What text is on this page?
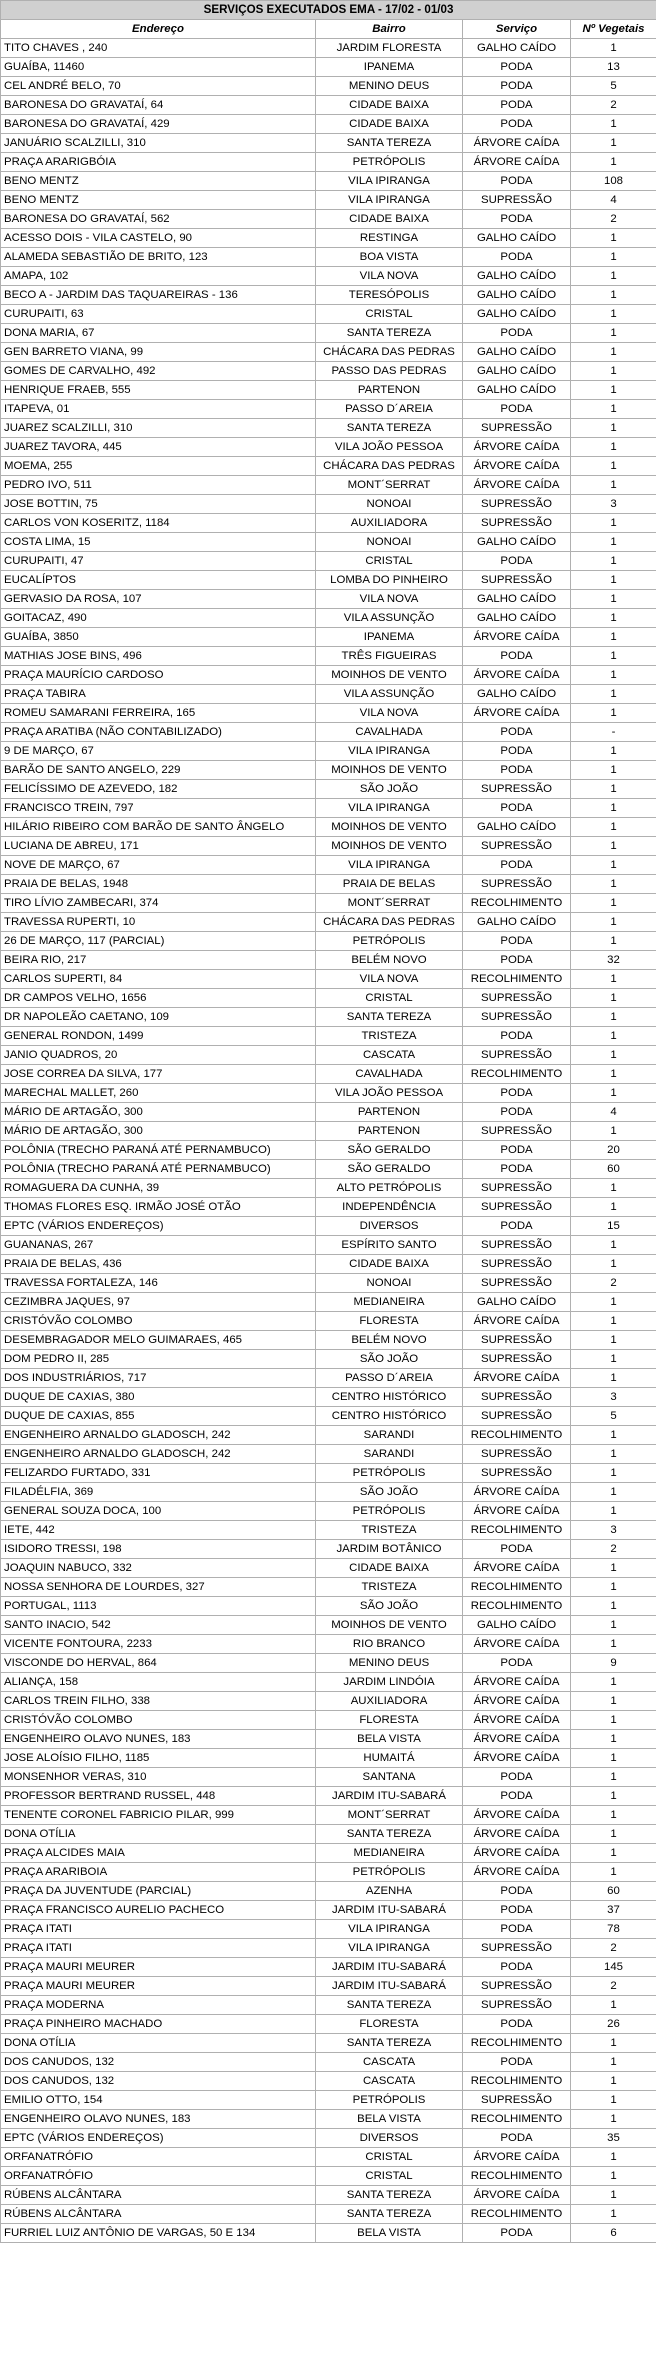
SERVIÇOS EXECUTADOS EMA - 17/02 - 01/03			
Endereço	Bairro	Serviço	Nº Vegetais
TITO CHAVES , 240	JARDIM FLORESTA	GALHO CAÍDO	1
GUAÍBA, 11460	IPANEMA	PODA	13
CEL ANDRÉ BELO, 70	MENINO DEUS	PODA	5
BARONESA DO GRAVATAÍ, 64	CIDADE BAIXA	PODA	2
BARONESA DO GRAVATAÍ, 429	CIDADE BAIXA	PODA	1
JANUÁRIO SCALZILLI, 310	SANTA TEREZA	ÁRVORE CAÍDA	1
PRAÇA ARARIGBÓIA	PETRÓPOLIS	ÁRVORE CAÍDA	1
BENO MENTZ	VILA IPIRANGA	PODA	108
BENO MENTZ	VILA IPIRANGA	SUPRESSÃO	4
BARONESA DO GRAVATAÍ, 562	CIDADE BAIXA	PODA	2
ACESSO DOIS - VILA CASTELO, 90	RESTINGA	GALHO CAÍDO	1
ALAMEDA SEBASTIÃO DE BRITO, 123	BOA VISTA	PODA	1
AMAPA, 102	VILA NOVA	GALHO CAÍDO	1
BECO A - JARDIM DAS TAQUAREIRAS - 136	TERESÓPOLIS	GALHO CAÍDO	1
CURUPAITI, 63	CRISTAL	GALHO CAÍDO	1
DONA MARIA, 67	SANTA TEREZA	PODA	1
GEN BARRETO VIANA, 99	CHÁCARA DAS PEDRAS	GALHO CAÍDO	1
GOMES DE CARVALHO, 492	PASSO DAS PEDRAS	GALHO CAÍDO	1
HENRIQUE FRAEB, 555	PARTENON	GALHO CAÍDO	1
ITAPEVA, 01	PASSO D´AREIA	PODA	1
JUAREZ SCALZILLI, 310	SANTA TEREZA	SUPRESSÃO	1
JUAREZ TAVORA, 445	VILA JOÃO PESSOA	ÁRVORE CAÍDA	1
MOEMA, 255	CHÁCARA DAS PEDRAS	ÁRVORE CAÍDA	1
PEDRO IVO, 511	MONT´SERRAT	ÁRVORE CAÍDA	1
JOSE BOTTIN, 75	NONOAI	SUPRESSÃO	3
CARLOS VON KOSERITZ, 1184	AUXILIADORA	SUPRESSÃO	1
COSTA LIMA, 15	NONOAI	GALHO CAÍDO	1
CURUPAITI, 47	CRISTAL	PODA	1
EUCALÍPTOS	LOMBA DO PINHEIRO	SUPRESSÃO	1
GERVASIO DA ROSA, 107	VILA NOVA	GALHO CAÍDO	1
GOITACAZ, 490	VILA ASSUNÇÃO	GALHO CAÍDO	1
GUAÍBA, 3850	IPANEMA	ÁRVORE CAÍDA	1
MATHIAS JOSE BINS, 496	TRÊS FIGUEIRAS	PODA	1
PRAÇA MAURÍCIO CARDOSO	MOINHOS DE VENTO	ÁRVORE CAÍDA	1
PRAÇA TABIRA	VILA ASSUNÇÃO	GALHO CAÍDO	1
ROMEU SAMARANI FERREIRA, 165	VILA NOVA	ÁRVORE CAÍDA	1
PRAÇA ARATIBA (NÃO CONTABILIZADO)	CAVALHADA	PODA	-
9 DE MARÇO, 67	VILA IPIRANGA	PODA	1
BARÃO DE SANTO ANGELO, 229	MOINHOS DE VENTO	PODA	1
FELICÍSSIMO DE AZEVEDO, 182	SÃO JOÃO	SUPRESSÃO	1
FRANCISCO TREIN, 797	VILA IPIRANGA	PODA	1
HILÁRIO RIBEIRO COM BARÃO DE SANTO ÂNGELO	MOINHOS DE VENTO	GALHO CAÍDO	1
LUCIANA DE ABREU, 171	MOINHOS DE VENTO	SUPRESSÃO	1
NOVE DE MARÇO, 67	VILA IPIRANGA	PODA	1
PRAIA DE BELAS, 1948	PRAIA DE BELAS	SUPRESSÃO	1
TIRO LÍVIO ZAMBECARI, 374	MONT´SERRAT	RECOLHIMENTO	1
TRAVESSA RUPERTI, 10	CHÁCARA DAS PEDRAS	GALHO CAÍDO	1
26 DE MARÇO, 117 (PARCIAL)	PETRÓPOLIS	PODA	1
BEIRA RIO, 217	BELÉM NOVO	PODA	32
CARLOS SUPERTI, 84	VILA NOVA	RECOLHIMENTO	1
DR CAMPOS VELHO, 1656	CRISTAL	SUPRESSÃO	1
DR NAPOLEÃO CAETANO, 109	SANTA TEREZA	SUPRESSÃO	1
GENERAL RONDON, 1499	TRISTEZA	PODA	1
JANIO QUADROS, 20	CASCATA	SUPRESSÃO	1
JOSE CORREA DA SILVA, 177	CAVALHADA	RECOLHIMENTO	1
MARECHAL MALLET, 260	VILA JOÃO PESSOA	PODA	1
MÁRIO DE ARTAGÃO, 300	PARTENON	PODA	4
MÁRIO DE ARTAGÃO, 300	PARTENON	SUPRESSÃO	1
POLÔNIA (TRECHO PARANÁ ATÉ PERNAMBUCO)	SÃO GERALDO	PODA	20
POLÔNIA (TRECHO PARANÁ ATÉ PERNAMBUCO)	SÃO GERALDO	PODA	60
ROMAGUERA DA CUNHA, 39	ALTO PETRÓPOLIS	SUPRESSÃO	1
THOMAS FLORES ESQ. IRMÃO JOSÉ OTÃO	INDEPENDÊNCIA	SUPRESSÃO	1
EPTC (VÁRIOS ENDEREÇOS)	DIVERSOS	PODA	15
GUANANAS, 267	ESPÍRITO SANTO	SUPRESSÃO	1
PRAIA DE BELAS, 436	CIDADE BAIXA	SUPRESSÃO	1
TRAVESSA FORTALEZA, 146	NONOAI	SUPRESSÃO	2
CEZIMBRA JAQUES, 97	MEDIANEIRA	GALHO CAÍDO	1
CRISTÓVÃO COLOMBO	FLORESTA	ÁRVORE CAÍDA	1
DESEMBRAGADOR MELO GUIMARAES, 465	BELÉM NOVO	SUPRESSÃO	1
DOM PEDRO II, 285	SÃO JOÃO	SUPRESSÃO	1
DOS INDUSTRIÁRIOS, 717	PASSO D´AREIA	ÁRVORE CAÍDA	1
DUQUE DE CAXIAS, 380	CENTRO HISTÓRICO	SUPRESSÃO	3
DUQUE DE CAXIAS, 855	CENTRO HISTÓRICO	SUPRESSÃO	5
ENGENHEIRO ARNALDO GLADOSCH, 242	SARANDI	RECOLHIMENTO	1
ENGENHEIRO ARNALDO GLADOSCH, 242	SARANDI	SUPRESSÃO	1
FELIZARDO FURTADO, 331	PETRÓPOLIS	SUPRESSÃO	1
FILADÉLFIA, 369	SÃO JOÃO	ÁRVORE CAÍDA	1
GENERAL SOUZA DOCA, 100	PETRÓPOLIS	ÁRVORE CAÍDA	1
IETE, 442	TRISTEZA	RECOLHIMENTO	3
ISIDORO TRESSI, 198	JARDIM BOTÂNICO	PODA	2
JOAQUIN NABUCO, 332	CIDADE BAIXA	ÁRVORE CAÍDA	1
NOSSA SENHORA DE LOURDES, 327	TRISTEZA	RECOLHIMENTO	1
PORTUGAL, 1113	SÃO JOÃO	RECOLHIMENTO	1
SANTO INACIO, 542	MOINHOS DE VENTO	GALHO CAÍDO	1
VICENTE FONTOURA, 2233	RIO BRANCO	ÁRVORE CAÍDA	1
VISCONDE DO HERVAL, 864	MENINO DEUS	PODA	9
ALIANÇA, 158	JARDIM LINDÓIA	ÁRVORE CAÍDA	1
CARLOS TREIN FILHO, 338	AUXILIADORA	ÁRVORE CAÍDA	1
CRISTÓVÃO COLOMBO	FLORESTA	ÁRVORE CAÍDA	1
ENGENHEIRO OLAVO NUNES, 183	BELA VISTA	ÁRVORE CAÍDA	1
JOSE ALOÍSIO FILHO, 1185	HUMAITÁ	ÁRVORE CAÍDA	1
MONSENHOR VERAS, 310	SANTANA	PODA	1
PROFESSOR BERTRAND RUSSEL, 448	JARDIM ITU-SABARÁ	PODA	1
TENENTE CORONEL FABRICIO PILAR, 999	MONT´SERRAT	ÁRVORE CAÍDA	1
DONA OTÍLIA	SANTA TEREZA	ÁRVORE CAÍDA	1
PRAÇA ALCIDES MAIA	MEDIANEIRA	ÁRVORE CAÍDA	1
PRAÇA ARARIBOIA	PETRÓPOLIS	ÁRVORE CAÍDA	1
PRAÇA DA JUVENTUDE (PARCIAL)	AZENHA	PODA	60
PRAÇA FRANCISCO AURELIO PACHECO	JARDIM ITU-SABARÁ	PODA	37
PRAÇA ITATI	VILA IPIRANGA	PODA	78
PRAÇA ITATI	VILA IPIRANGA	SUPRESSÃO	2
PRAÇA MAURI MEURER	JARDIM ITU-SABARÁ	PODA	145
PRAÇA MAURI MEURER	JARDIM ITU-SABARÁ	SUPRESSÃO	2
PRAÇA MODERNA	SANTA TEREZA	SUPRESSÃO	1
PRAÇA PINHEIRO MACHADO	FLORESTA	PODA	26
DONA OTÍLIA	SANTA TEREZA	RECOLHIMENTO	1
DOS CANUDOS, 132	CASCATA	PODA	1
DOS CANUDOS, 132	CASCATA	RECOLHIMENTO	1
EMILIO OTTO, 154	PETRÓPOLIS	SUPRESSÃO	1
ENGENHEIRO OLAVO NUNES, 183	BELA VISTA	RECOLHIMENTO	1
EPTC (VÁRIOS ENDEREÇOS)	DIVERSOS	PODA	35
ORFANATRÓFIO	CRISTAL	ÁRVORE CAÍDA	1
ORFANATRÓFIO	CRISTAL	RECOLHIMENTO	1
RÚBENS ALCÂNTARA	SANTA TEREZA	ÁRVORE CAÍDA	1
RÚBENS ALCÂNTARA	SANTA TEREZA	RECOLHIMENTO	1
FURRIEL LUIZ ANTÔNIO DE VARGAS, 50 E 134	BELA VISTA	PODA	6
